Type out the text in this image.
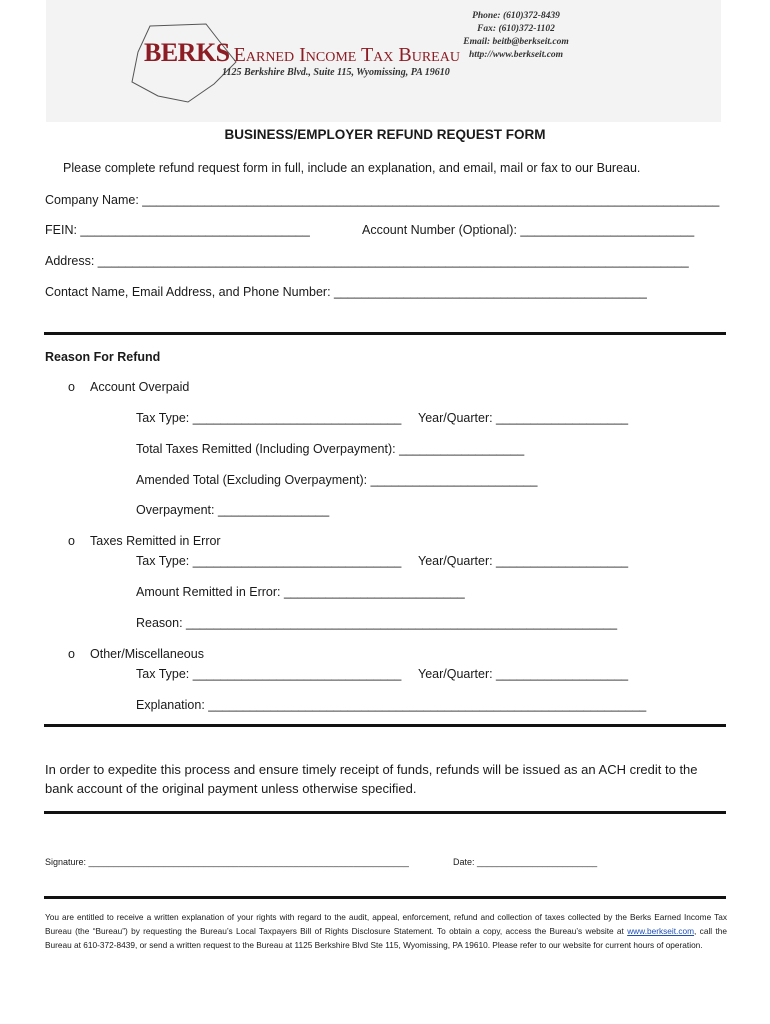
BERKS Earned Income Tax Bureau
1125 Berkshire Blvd., Suite 115, Wyomissing, PA 19610
Phone: (610)372-8439
Fax: (610)372-1102
Email: beitb@berkseit.com
http://www.berkseit.com
BUSINESS/EMPLOYER REFUND REQUEST FORM
Please complete refund request form in full, include an explanation, and email, mail or fax to our Bureau.
Company Name: ___________________________________________________________________________________
FEIN: _________________________________	Account Number (Optional): _________________________
Address: _____________________________________________________________________________________
Contact Name, Email Address, and Phone Number: _____________________________________________
Reason For Refund
o Account Overpaid
Tax Type: ______________________________ Year/Quarter: ___________________
Total Taxes Remitted (Including Overpayment): __________________
Amended Total (Excluding Overpayment): ________________________
Overpayment: ________________
o Taxes Remitted in Error
Tax Type: ______________________________ Year/Quarter: ___________________
Amount Remitted in Error: __________________________
Reason: ______________________________________________________________
o Other/Miscellaneous
Tax Type: ______________________________ Year/Quarter: ___________________
Explanation: _______________________________________________________________
In order to expedite this process and ensure timely receipt of funds, refunds will be issued as an ACH credit to the
bank account of the original payment unless otherwise specified.
Signature: ________________________________________________________________	Date: ________________________
You are entitled to receive a written explanation of your rights with regard to the audit, appeal, enforcement, refund and collection of taxes collected by the Berks Earned Income Tax Bureau (the “Bureau”) by requesting the Bureau’s Local Taxpayers Bill of Rights Disclosure Statement. To obtain a copy, access the Bureau’s website at www.berkseit.com, call the Bureau at 610-372-8439, or send a written request to the Bureau at 1125 Berkshire Blvd Ste 115, Wyomissing, PA 19610. Please refer to our website for current hours of operation.
